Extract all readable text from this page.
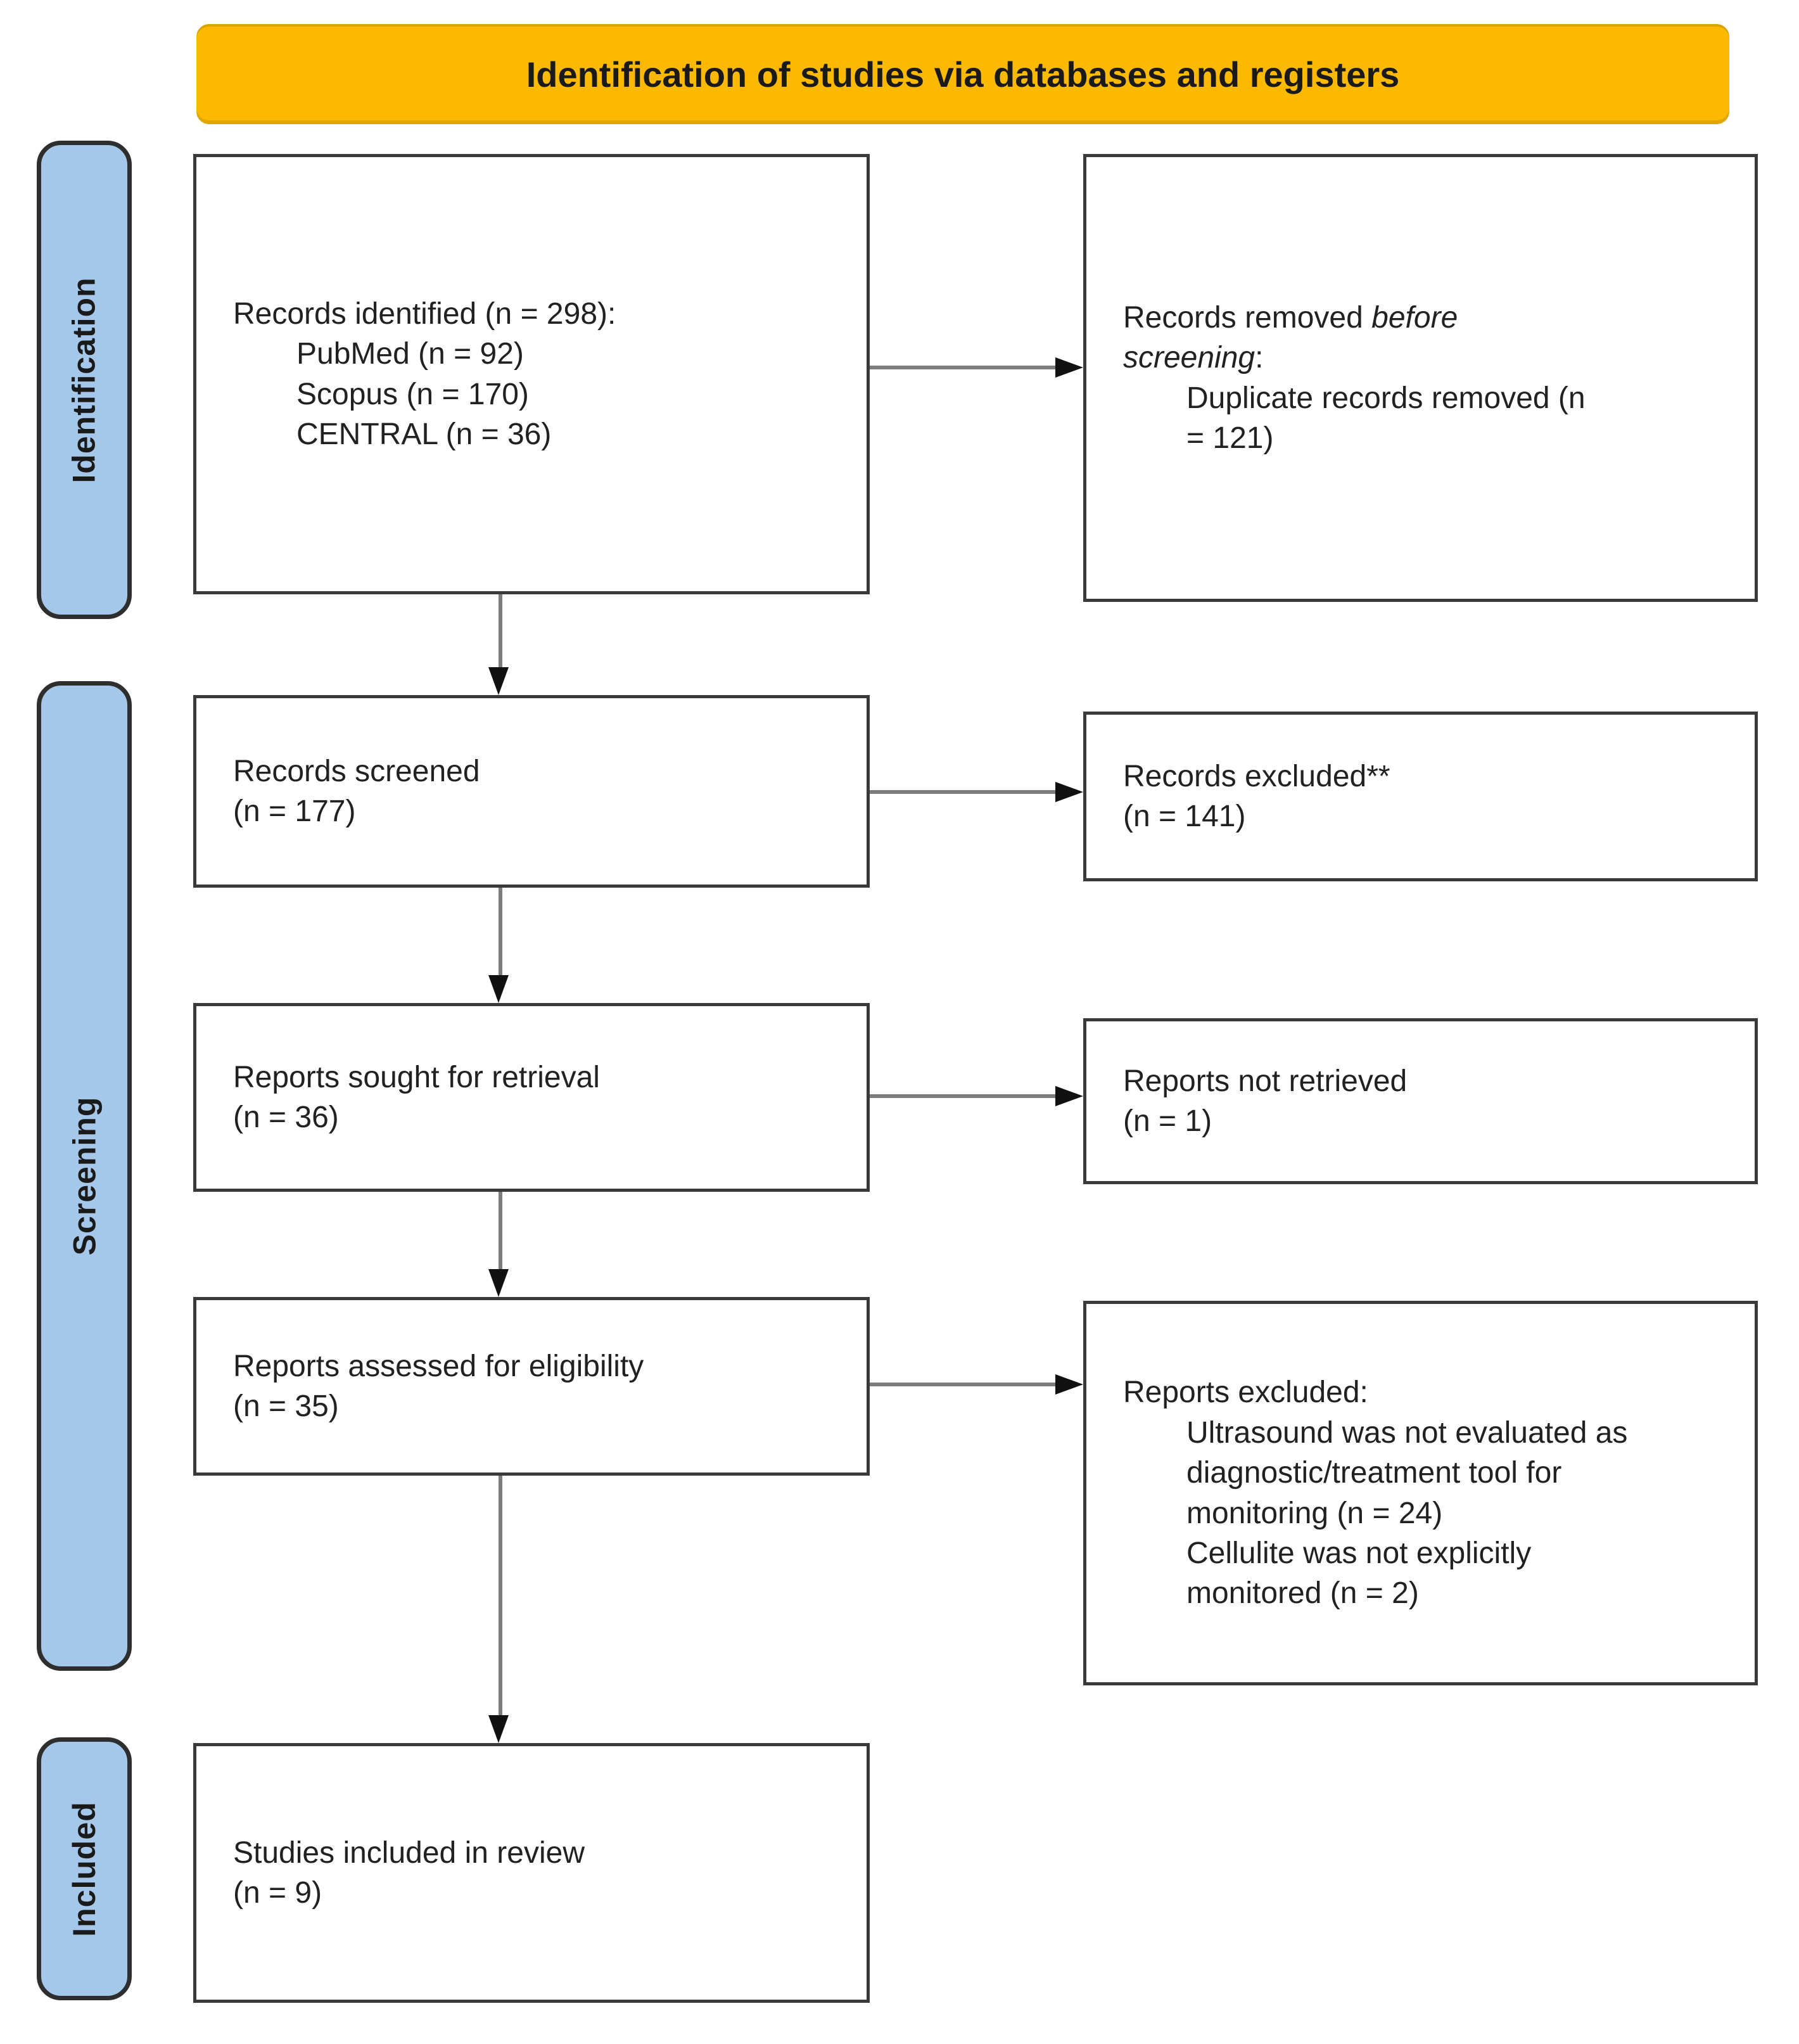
Identification of studies via databases and registers
Identification
Screening
Included
Records identified (n = 298):
PubMed (n = 92)
Scopus (n = 170)
CENTRAL (n = 36)
Records removed before screening:
Duplicate records removed (n = 121)
Records screened
(n = 177)
Records excluded**
(n = 141)
Reports sought for retrieval
(n = 36)
Reports not retrieved
(n = 1)
Reports assessed for eligibility
(n = 35)	Reports excluded:
Ultrasound was not evaluated as diagnostic/treatment tool for monitoring (n = 24)
Cellulite was not explicitly monitored (n = 2)
Studies included in review
(n = 9)
